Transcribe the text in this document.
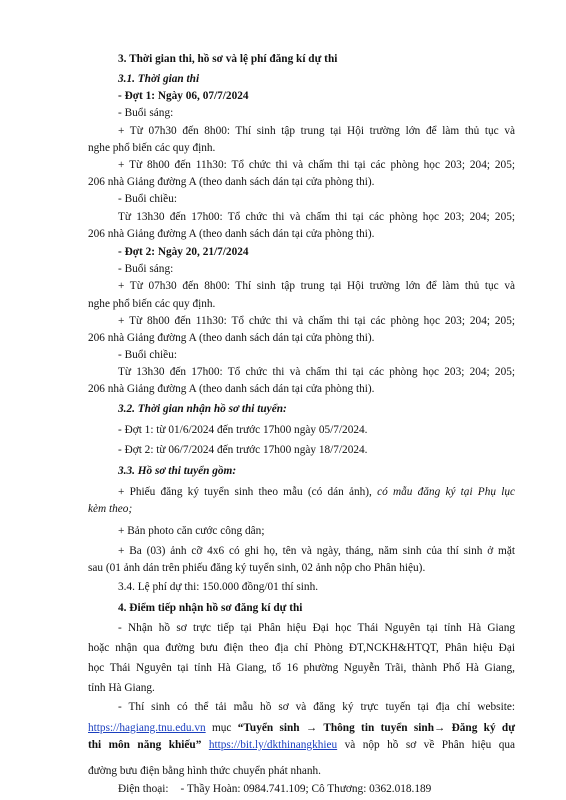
3. Thời gian thi, hồ sơ và lệ phí đăng kí dự thi
3.1. Thời gian thi
- Đợt 1: Ngày 06, 07/7/2024
- Buổi sáng:
+ Từ 07h30 đến 8h00: Thí sinh tập trung tại Hội trường lớn để làm thủ tục và
nghe phổ biến các quy định.
+ Từ 8h00 đến 11h30: Tổ chức thi và chấm thi tại các phòng học 203; 204; 205;
206 nhà Giảng đường A (theo danh sách dán tại cửa phòng thi).
- Buổi chiều:
Từ 13h30 đến 17h00: Tổ chức thi và chấm thi tại các phòng học 203; 204; 205;
206 nhà Giảng đường A (theo danh sách dán tại cửa phòng thi).
- Đợt 2: Ngày 20, 21/7/2024
- Buổi sáng:
+ Từ 07h30 đến 8h00: Thí sinh tập trung tại Hội trường lớn để làm thủ tục và
nghe phổ biến các quy định.
+ Từ 8h00 đến 11h30: Tổ chức thi và chấm thi tại các phòng học 203; 204; 205;
206 nhà Giảng đường A (theo danh sách dán tại cửa phòng thi).
- Buổi chiều:
Từ 13h30 đến 17h00: Tổ chức thi và chấm thi tại các phòng học 203; 204; 205;
206 nhà Giảng đường A (theo danh sách dán tại cửa phòng thi).
3.2. Thời gian nhận hồ sơ thi tuyển:
- Đợt 1: từ 01/6/2024 đến trước 17h00 ngày 05/7/2024.
- Đợt 2: từ 06/7/2024 đến trước 17h00 ngày 18/7/2024.
3.3. Hồ sơ thi tuyển gồm:
+ Phiếu đăng ký tuyển sinh theo mẫu (có dán ảnh), có mẫu đăng ký tại Phụ lục
kèm theo;
+ Bản photo căn cước công dân;
+ Ba (03) ảnh cỡ 4x6 có ghi họ, tên và ngày, tháng, năm sinh của thí sinh ở mặt
sau (01 ảnh dán trên phiếu đăng ký tuyển sinh, 02 ảnh nộp cho Phân hiệu).
3.4. Lệ phí dự thi: 150.000 đồng/01 thí sinh.
4. Điểm tiếp nhận hồ sơ đăng kí dự thi
- Nhận hồ sơ trực tiếp tại Phân hiệu Đại học Thái Nguyên tại tỉnh Hà Giang
hoặc nhận qua đường bưu điện theo địa chỉ Phòng ĐT,NCKH&HTQT, Phân hiệu Đại
học Thái Nguyên tại tỉnh Hà Giang, tổ 16 phường Nguyễn Trãi, thành Phố Hà Giang,
tỉnh Hà Giang.
- Thí sinh có thể tải mẫu hồ sơ và đăng ký trực tuyến tại địa chỉ website:
https://hagiang.tnu.edu.vn mục “Tuyển sinh → Thông tin tuyển sinh→ Đăng ký dự
thi môn năng khiếu” https://bit.ly/dkthinangkhieu và nộp hồ sơ về Phân hiệu qua
đường bưu điện bằng hình thức chuyển phát nhanh.
Điện thoại: - Thầy Hoàn: 0984.741.109; Cô Thương: 0362.018.189
